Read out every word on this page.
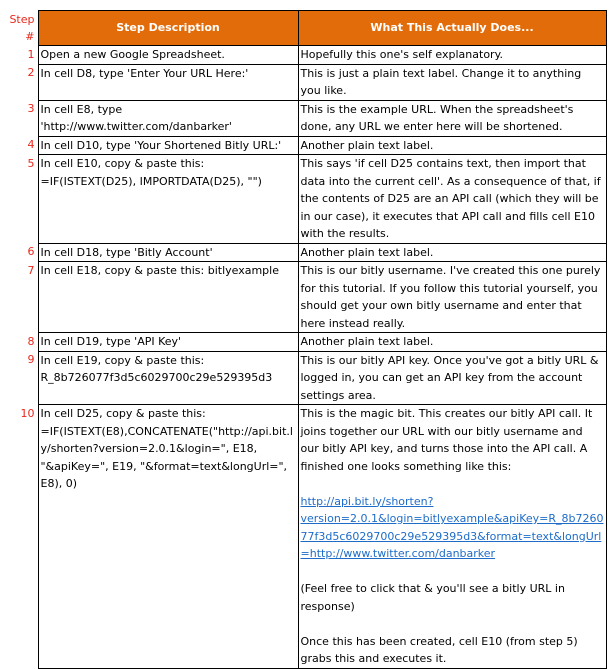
Step #	Step Description	What This Actually Does...
1	Open a new Google Spreadsheet.	Hopefully this one's self explanatory.
2	In cell D8, type 'Enter Your URL Here:'	This is just a plain text label. Change it to anything you like.
3	In cell E8, type 'http://www.twitter.com/danbarker'	This is the example URL. When the spreadsheet's done, any URL we enter here will be shortened.
4	In cell D10, type 'Your Shortened Bitly URL:'	Another plain text label.
5	In cell E10, copy & paste this: =IF(ISTEXT(D25), IMPORTDATA(D25), "")	This says 'if cell D25 contains text, then import that data into the current cell'. As a consequence of that, if the contents of D25 are an API call (which they will be in our case), it executes that API call and fills cell E10 with the results.
6	In cell D18, type 'Bitly Account'	Another plain text label.
7	In cell E18, copy & paste this: bitlyexample	This is our bitly username. I've created this one purely for this tutorial. If you follow this tutorial yourself, you should get your own bitly username and enter that here instead really.
8	In cell D19, type 'API Key'	Another plain text label.
9	In cell E19, copy & paste this: R_8b726077f3d5c6029700c29e529395d3	This is our bitly API key. Once you've got a bitly URL & logged in, you can get an API key from the account settings area.
10	In cell D25, copy & paste this: =IF(ISTEXT(E8),CONCATENATE("http://api.bit.ly/shorten?version=2.0.1&login=", E18, "&apiKey=", E19, "&format=text&longUrl=", E8), 0)	This is the magic bit. This creates our bitly API call. It joins together our URL with our bitly username and our bitly API key, and turns those into the API call. A finished one looks something like this:
http://api.bit.ly/shorten?version=2.0.1&login=bitlyexample&apiKey=R_8b726077f3d5c6029700c29e529395d3&format=text&longUrl=http://www.twitter.com/danbarker
(Feel free to click that & you'll see a bitly URL in response)
Once this has been created, cell E10 (from step 5) grabs this and executes it.
